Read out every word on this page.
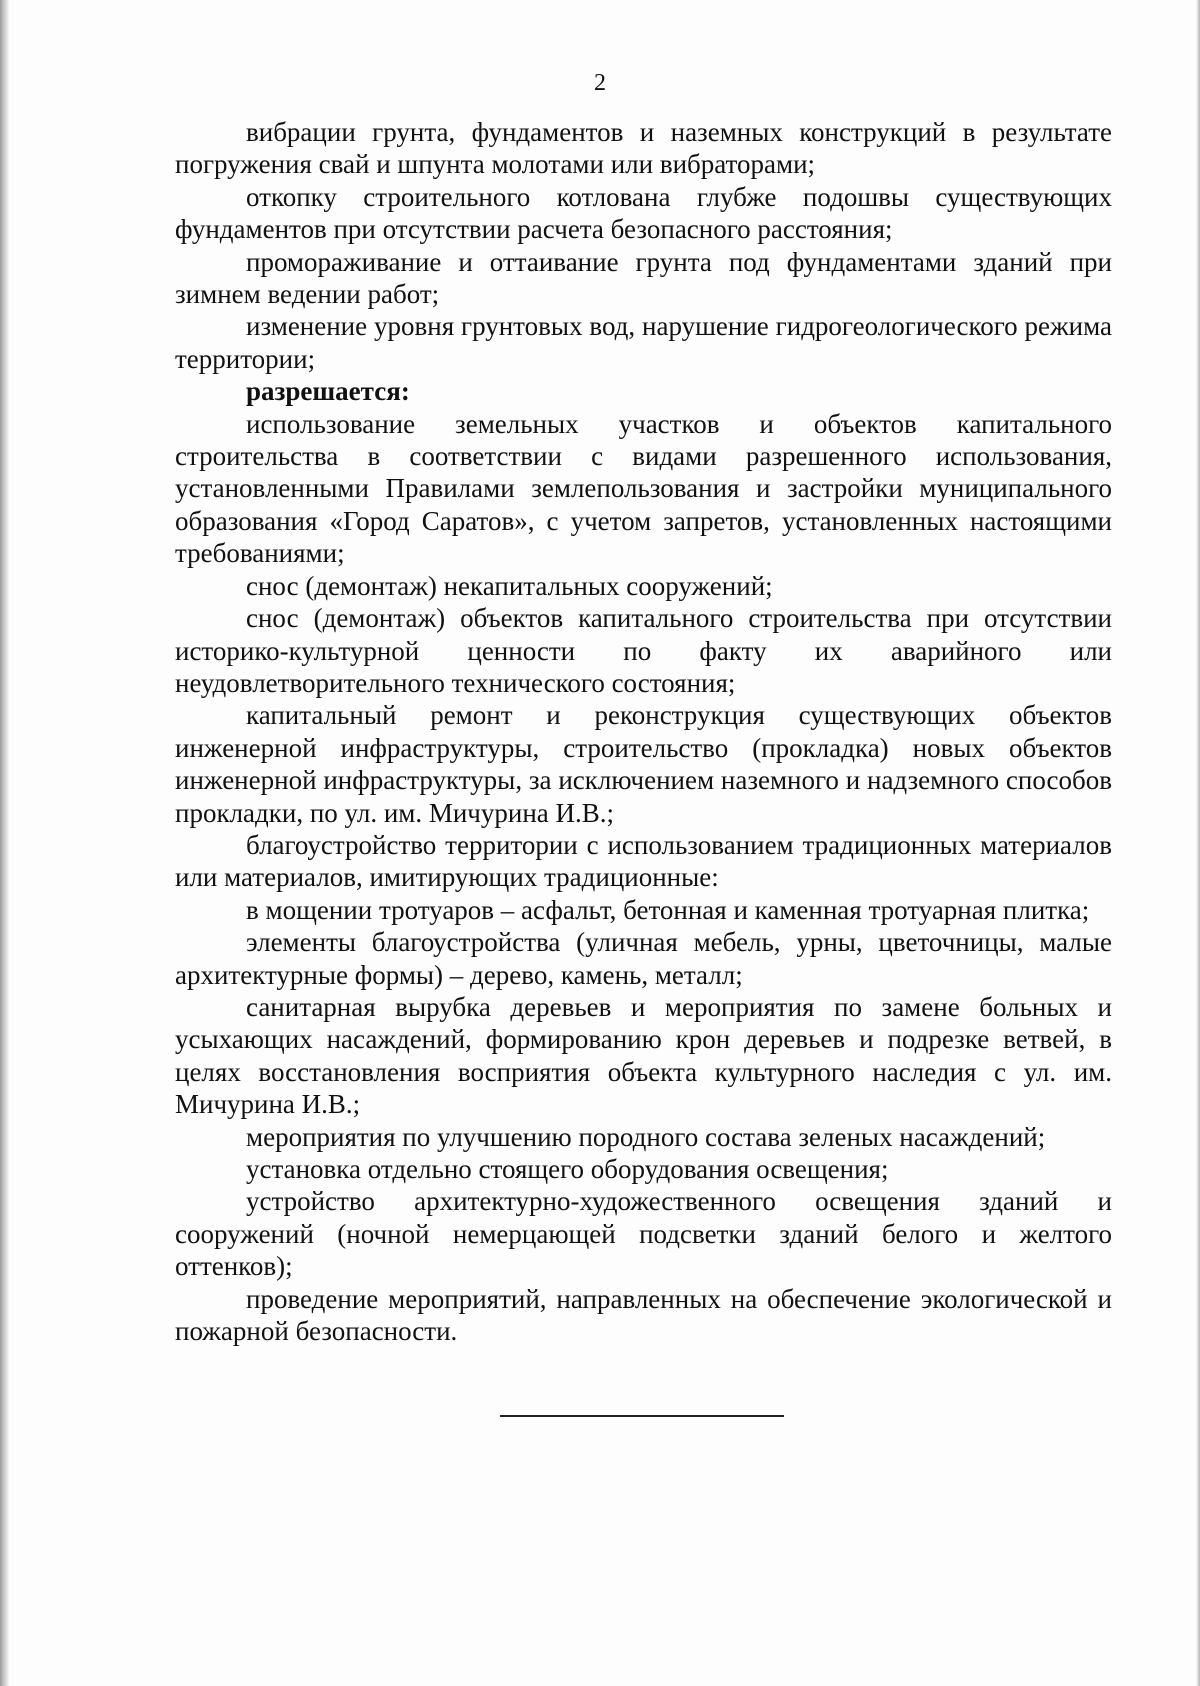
2

вибрации грунта, фундаментов и наземных конструкций в результате погружения свай и шпунта молотами или вибраторами;

откопку строительного котлована глубже подошвы существующих фундаментов при отсутствии расчета безопасного расстояния;

промораживание и оттаивание грунта под фундаментами зданий при зимнем ведении работ;

изменение уровня грунтовых вод, нарушение гидрогеологического режима территории;

разрешается:

использование земельных участков и объектов капитального строительства в соответствии с видами разрешенного использования, установленными Правилами землепользования и застройки муниципального образования «Город Саратов», с учетом запретов, установленных настоящими требованиями;

снос (демонтаж) некапитальных сооружений;

снос (демонтаж) объектов капитального строительства при отсутствии историко-культурной ценности по факту их аварийного или неудовлетворительного технического состояния;

капитальный ремонт и реконструкция существующих объектов инженерной инфраструктуры, строительство (прокладка) новых объектов инженерной инфраструктуры, за исключением наземного и надземного способов прокладки, по ул. им. Мичурина И.В.;

благоустройство территории с использованием традиционных материалов или материалов, имитирующих традиционные:

в мощении тротуаров – асфальт, бетонная и каменная тротуарная плитка;

элементы благоустройства (уличная мебель, урны, цветочницы, малые архитектурные формы) – дерево, камень, металл;

санитарная вырубка деревьев и мероприятия по замене больных и усыхающих насаждений, формированию крон деревьев и подрезке ветвей, в целях восстановления восприятия объекта культурного наследия с ул. им. Мичурина И.В.;

мероприятия по улучшению породного состава зеленых насаждений;

установка отдельно стоящего оборудования освещения;

устройство архитектурно-художественного освещения зданий и сооружений (ночной немерцающей подсветки зданий белого и желтого оттенков);

проведение мероприятий, направленных на обеспечение экологической и пожарной безопасности.
